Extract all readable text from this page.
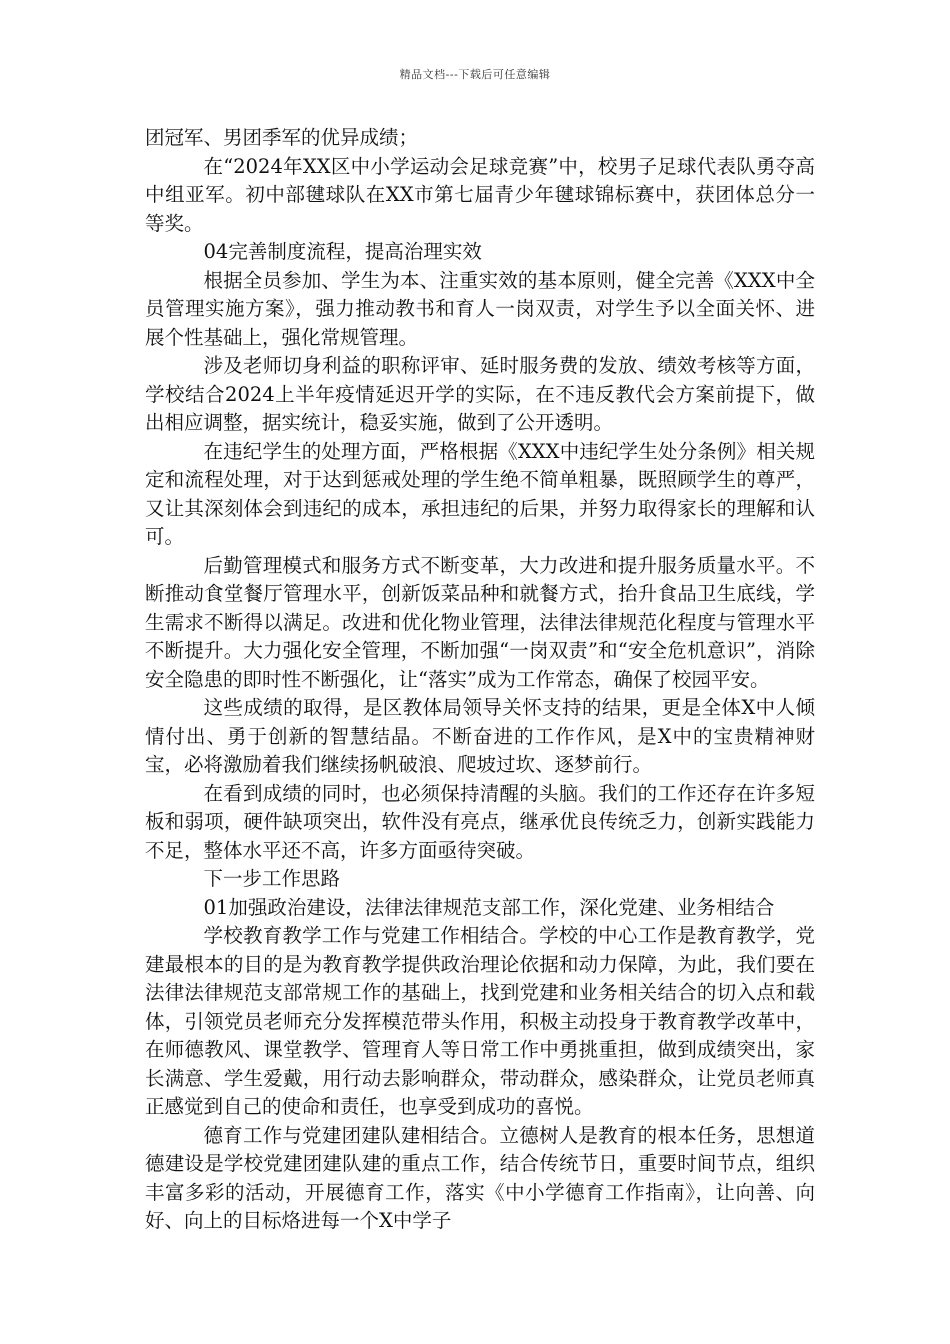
精品文档---下载后可任意编辑

团冠军、男团季军的优异成绩；

在“2024年XX区中小学运动会足球竞赛”中，校男子足球代表队勇夺高中组亚军。初中部毽球队在XX市第七届青少年毽球锦标赛中，获团体总分一等奖。

04完善制度流程，提高治理实效

根据全员参加、学生为本、注重实效的基本原则，健全完善《XXX中全员管理实施方案》，强力推动教书和育人一岗双责，对学生予以全面关怀、进展个性基础上，强化常规管理。

涉及老师切身利益的职称评审、延时服务费的发放、绩效考核等方面，学校结合2024上半年疫情延迟开学的实际，在不违反教代会方案前提下，做出相应调整，据实统计，稳妥实施，做到了公开透明。

在违纪学生的处理方面，严格根据《XXX中违纪学生处分条例》相关规定和流程处理，对于达到惩戒处理的学生绝不简单粗暴，既照顾学生的尊严，又让其深刻体会到违纪的成本，承担违纪的后果，并努力取得家长的理解和认可。

后勤管理模式和服务方式不断变革，大力改进和提升服务质量水平。不断推动食堂餐厅管理水平，创新饭菜品种和就餐方式，抬升食品卫生底线，学生需求不断得以满足。改进和优化物业管理，法律法律规范化程度与管理水平不断提升。大力强化安全管理，不断加强“一岗双责”和“安全危机意识”，消除安全隐患的即时性不断强化，让“落实”成为工作常态，确保了校园平安。

这些成绩的取得，是区教体局领导关怀支持的结果，更是全体X中人倾情付出、勇于创新的智慧结晶。不断奋进的工作作风，是X中的宝贵精神财宝，必将激励着我们继续扬帆破浪、爬坡过坎、逐梦前行。

在看到成绩的同时，也必须保持清醒的头脑。我们的工作还存在许多短板和弱项，硬件缺项突出，软件没有亮点，继承优良传统乏力，创新实践能力不足，整体水平还不高，许多方面亟待突破。

下一步工作思路

01加强政治建设，法律法律规范支部工作，深化党建、业务相结合

学校教育教学工作与党建工作相结合。学校的中心工作是教育教学，党建最根本的目的是为教育教学提供政治理论依据和动力保障，为此，我们要在法律法律规范支部常规工作的基础上，找到党建和业务相关结合的切入点和载体，引领党员老师充分发挥模范带头作用，积极主动投身于教育教学改革中，在师德教风、课堂教学、管理育人等日常工作中勇挑重担，做到成绩突出，家长满意、学生爱戴，用行动去影响群众，带动群众，感染群众，让党员老师真正感觉到自己的使命和责任，也享受到成功的喜悦。

德育工作与党建团建队建相结合。立德树人是教育的根本任务，思想道德建设是学校党建团建队建的重点工作，结合传统节日，重要时间节点，组织丰富多彩的活动，开展德育工作，落实《中小学德育工作指南》，让向善、向好、向上的目标烙进每一个X中学子
